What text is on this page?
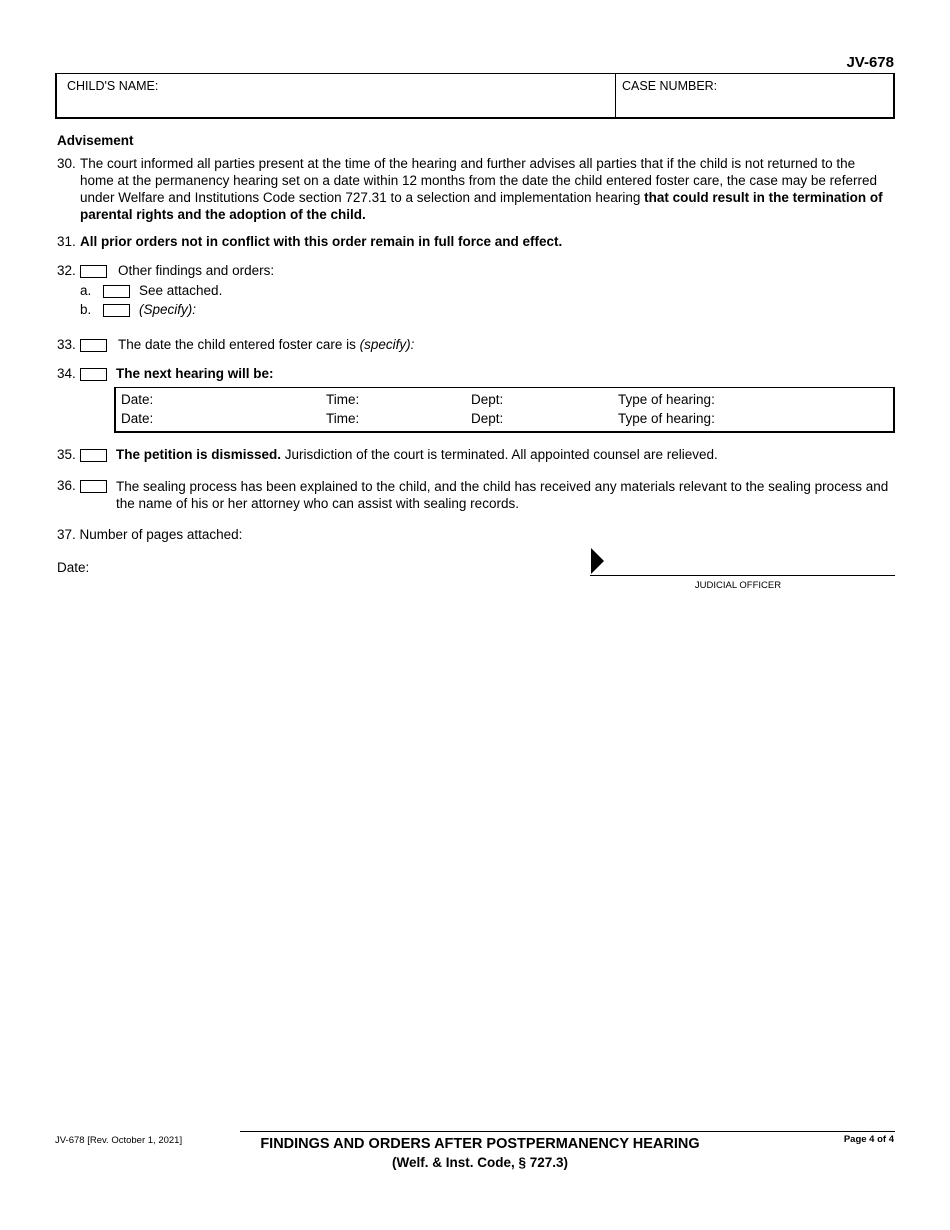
JV-678
CHILD'S NAME:	CASE NUMBER:
Advisement
30. The court informed all parties present at the time of the hearing and further advises all parties that if the child is not returned to the home at the permanency hearing set on a date within 12 months from the date the child entered foster care, the case may be referred under Welfare and Institutions Code section 727.31 to a selection and implementation hearing that could result in the termination of parental rights and the adoption of the child.
31. All prior orders not in conflict with this order remain in full force and effect.
32.	Other findings and orders:
a.	See attached.
b.	(Specify):
33.	The date the child entered foster care is (specify):
34.	The next hearing will be:
Date:	Time:	Dept:	Type of hearing:
Date:	Time:	Dept:	Type of hearing:
35.	The petition is dismissed. Jurisdiction of the court is terminated. All appointed counsel are relieved.
36.	The sealing process has been explained to the child, and the child has received any materials relevant to the sealing process and the name of his or her attorney who can assist with sealing records.
37. Number of pages attached:
Date:
JUDICIAL OFFICER
JV-678 [Rev. October 1, 2021]	FINDINGS AND ORDERS AFTER POSTPERMANENCY HEARING
(Welf. & Inst. Code, § 727.3)
Page 4 of 4
